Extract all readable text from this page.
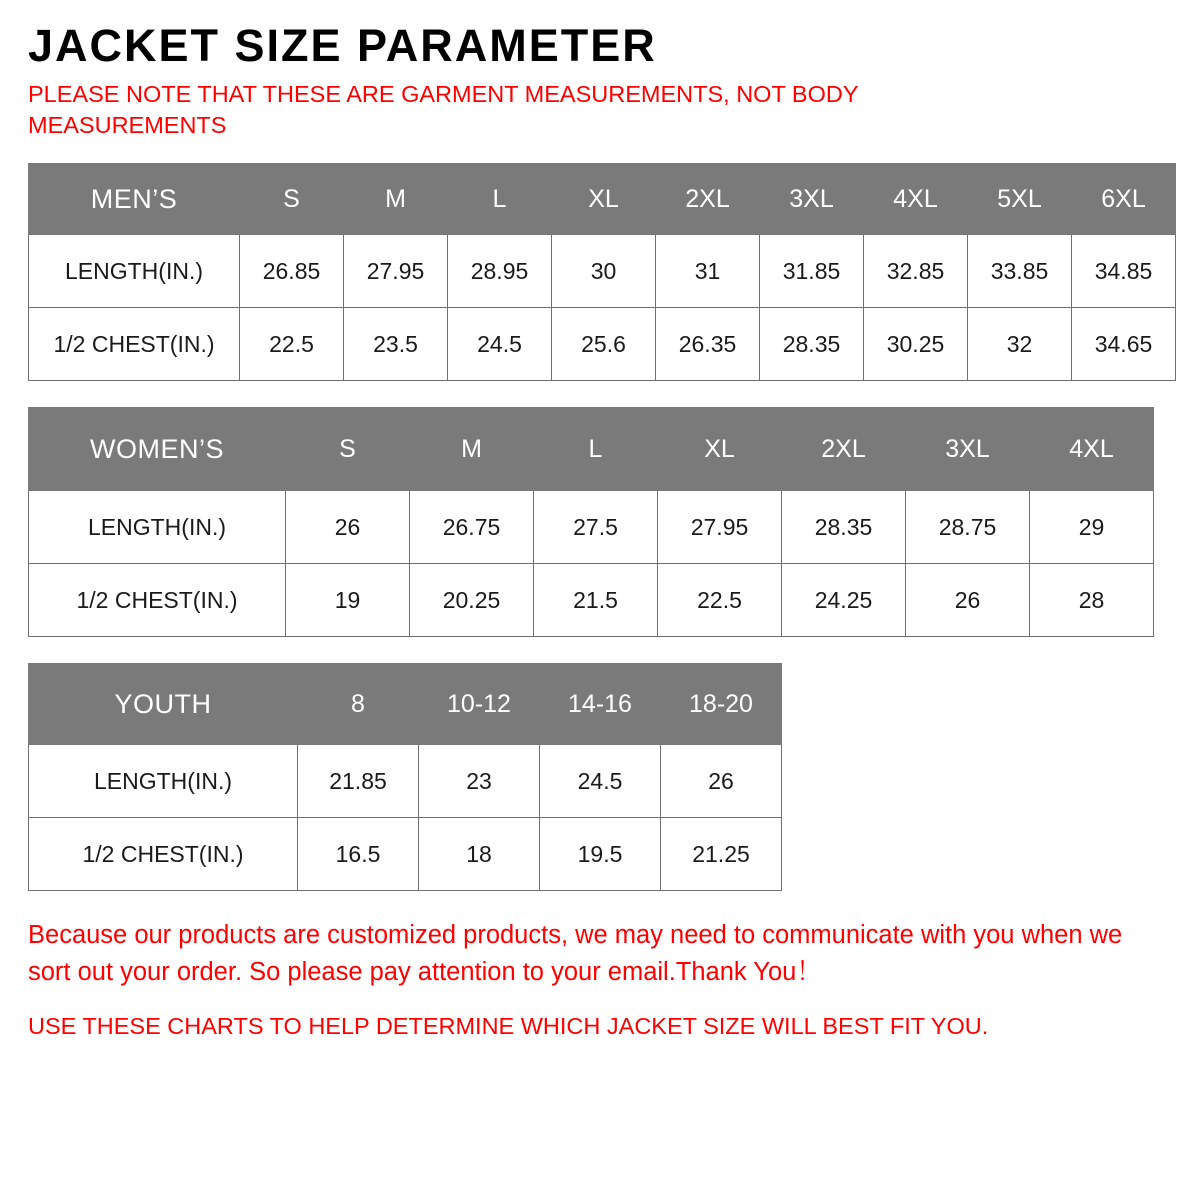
JACKET SIZE PARAMETER

PLEASE NOTE THAT THESE ARE GARMENT MEASUREMENTS, NOT BODY MEASUREMENTS

MEN’S	S	M	L	XL	2XL	3XL	4XL	5XL	6XL
LENGTH(IN.)	26.85	27.95	28.95	30	31	31.85	32.85	33.85	34.85
1/2 CHEST(IN.)	22.5	23.5	24.5	25.6	26.35	28.35	30.25	32	34.65
WOMEN’S	S	M	L	XL	2XL	3XL	4XL
LENGTH(IN.)	26	26.75	27.5	27.95	28.35	28.75	29
1/2 CHEST(IN.)	19	20.25	21.5	22.5	24.25	26	28
YOUTH	8	10-12	14-16	18-20
LENGTH(IN.)	21.85	23	24.5	26
1/2 CHEST(IN.)	16.5	18	19.5	21.25

Because our products are customized products, we may need to communicate with you when we sort out your order. So please pay attention to your email.Thank You！

USE THESE CHARTS TO HELP DETERMINE WHICH JACKET SIZE WILL BEST FIT YOU.
